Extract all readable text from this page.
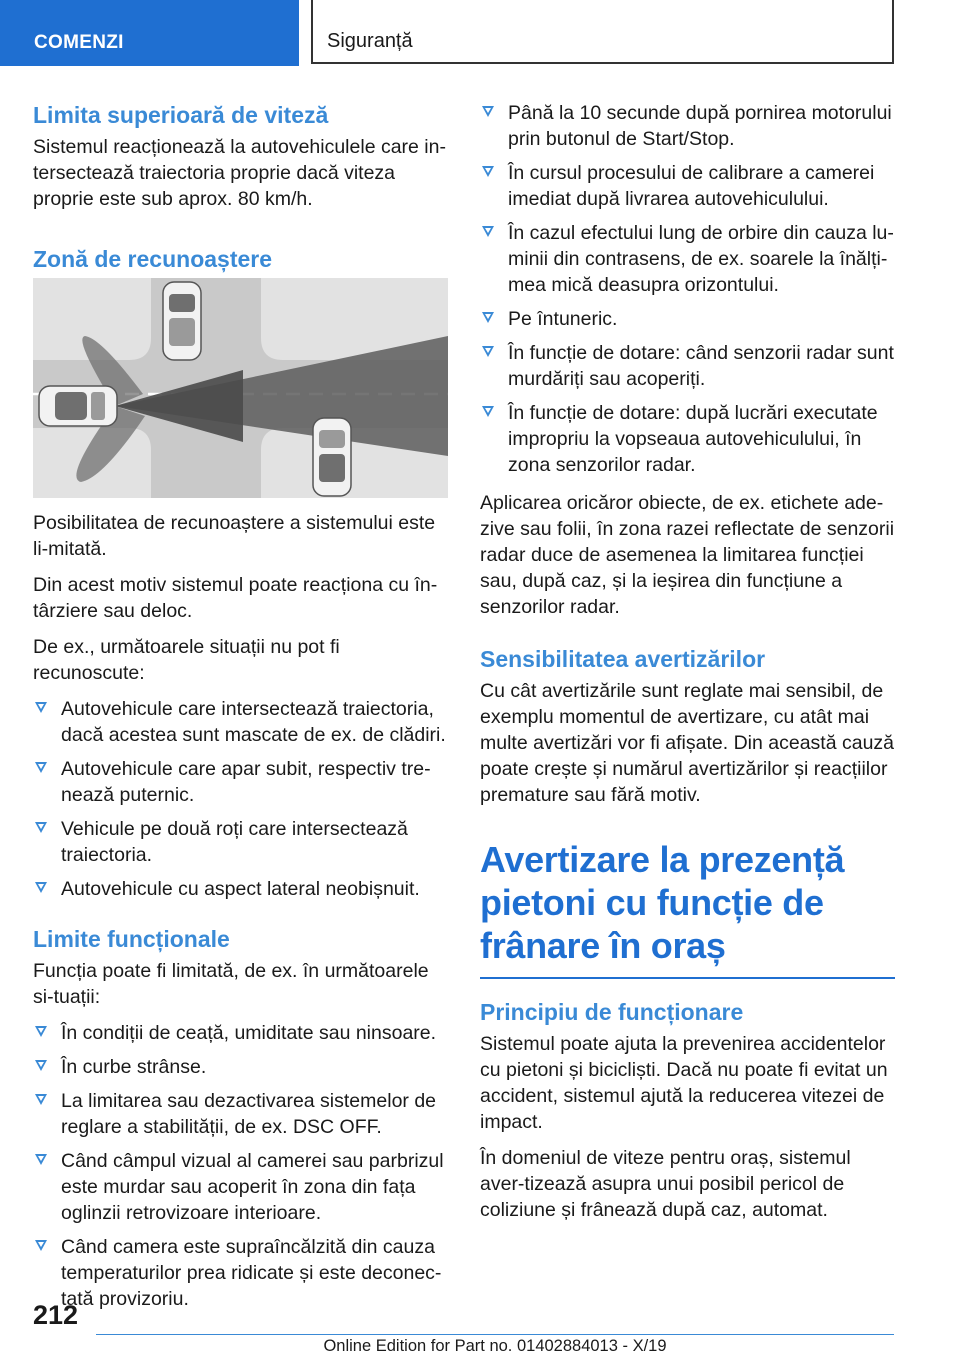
COMENZI	Siguranță
Limita superioară de viteză

Sistemul reacționează la autovehiculele care in-tersectează traiectoria proprie dacă viteza proprie este sub aprox. 80 km/h.

Zonă de recunoaștere

Posibilitatea de recunoaștere a sistemului este li-mitată.

Din acest motiv sistemul poate reacționa cu în-târziere sau deloc.

De ex., următoarele situații nu pot fi recunoscute:

Autovehicule care intersectează traiectoria, dacă acestea sunt mascate de ex. de clădiri.
Autovehicule care apar subit, respectiv tre-nează puternic.
Vehicule pe două roți care intersectează traiectoria.
Autovehicule cu aspect lateral neobișnuit.
Limite funcționale

Funcția poate fi limitată, de ex. în următoarele si-tuații:

În condiții de ceață, umiditate sau ninsoare.
În curbe strânse.
La limitarea sau dezactivarea sistemelor de reglare a stabilității, de ex. DSC OFF.
Când câmpul vizual al camerei sau parbrizul este murdar sau acoperit în zona din fața oglinzii retrovizoare interioare.
Când camera este supraîncălzită din cauza temperaturilor prea ridicate și este deconec-tată provizoriu.
Până la 10 secunde după pornirea motorului prin butonul de Start/Stop.
În cursul procesului de calibrare a camerei imediat după livrarea autovehiculului.
În cazul efectului lung de orbire din cauza lu-minii din contrasens, de ex. soarele la înălți-mea mică deasupra orizontului.
Pe întuneric.
În funcție de dotare: când senzorii radar sunt murdăriți sau acoperiți.
În funcție de dotare: după lucrări executate impropriu la vopseaua autovehiculului, în zona senzorilor radar.

Aplicarea oricăror obiecte, de ex. etichete ade-zive sau folii, în zona razei reflectate de senzorii radar duce de asemenea la limitarea funcției sau, după caz, și la ieșirea din funcțiune a senzorilor radar.

Sensibilitatea avertizărilor

Cu cât avertizările sunt reglate mai sensibil, de exemplu momentul de avertizare, cu atât mai multe avertizări vor fi afișate. Din această cauză poate crește și numărul avertizărilor și reacțiilor premature sau fără motiv.

Avertizare la prezență pietoni cu funcție de frânare în oraș
Principiu de funcționare

Sistemul poate ajuta la prevenirea accidentelor cu pietoni și bicicliști. Dacă nu poate fi evitat un accident, sistemul ajută la reducerea vitezei de impact.

În domeniul de viteze pentru oraș, sistemul aver-tizează asupra unui posibil pericol de coliziune și frânează după caz, automat.

212
Online Edition for Part no. 01402884013 - X/19
